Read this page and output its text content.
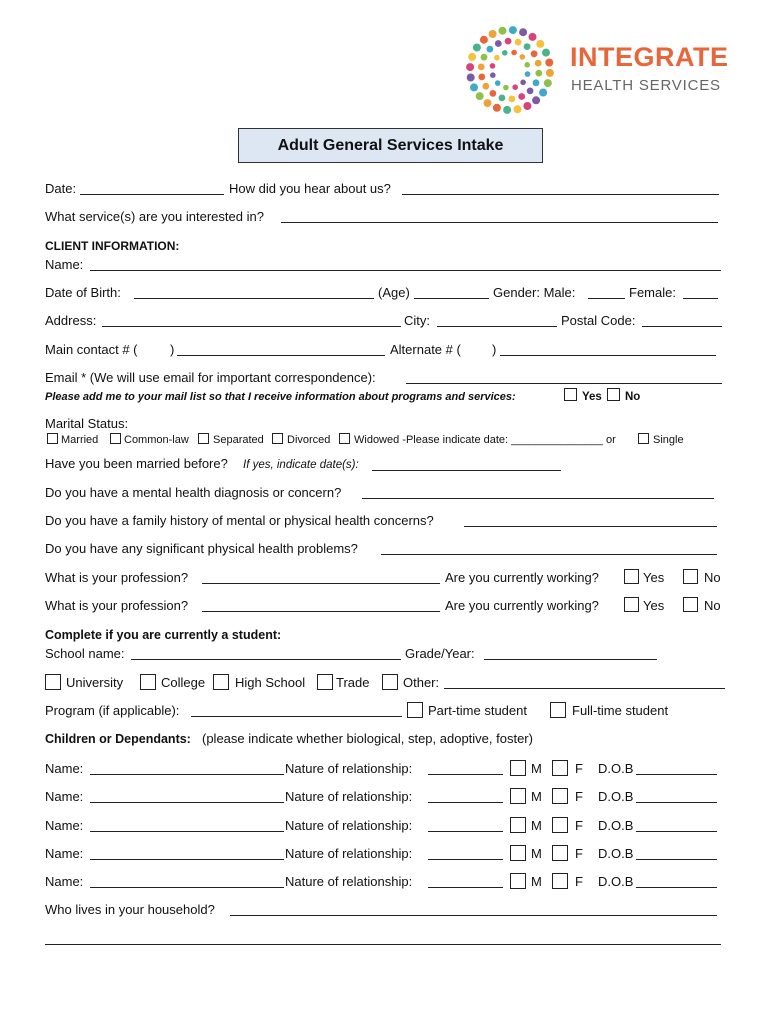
INTEGRATE
HEALTH SERVICES
Adult General Services Intake
Date:	How did you hear about us?
What service(s) are you interested in?
CLIENT INFORMATION:
Name:
Date of Birth:	(Age)	Gender: Male:	Female:
Address:	City:	Postal Code:
Main contact # (	)	Alternate # ( )
Email * (We will use email for important correspondence):
Please add me to your mail list so that I receive information about programs and services:	Yes No
Marital Status:
Married Common-law Separated Divorced Widowed -Please indicate date: _______________ or	Single
Have you been married before? If yes, indicate date(s):
Do you have a mental health diagnosis or concern?
Do you have a family history of mental or physical health concerns?
Do you have any significant physical health problems?
What is your profession?	Are you currently working?	Yes	No
What is your profession?	Are you currently working?	Yes	No
Complete if you are currently a student:
School name:	Grade/Year:
University	College High School Trade	Other:
Program (if applicable):	Part-time student	Full-time student
Children or Dependants: (please indicate whether biological, step, adoptive, foster)
Name:	Nature of relationship:	M	F D.O.B
Name:	Nature of relationship:	M	F D.O.B
Name:	Nature of relationship:	M	F D.O.B
Name:	Nature of relationship:	M	F D.O.B
Name:	Nature of relationship:	M	F D.O.B
Who lives in your household?
